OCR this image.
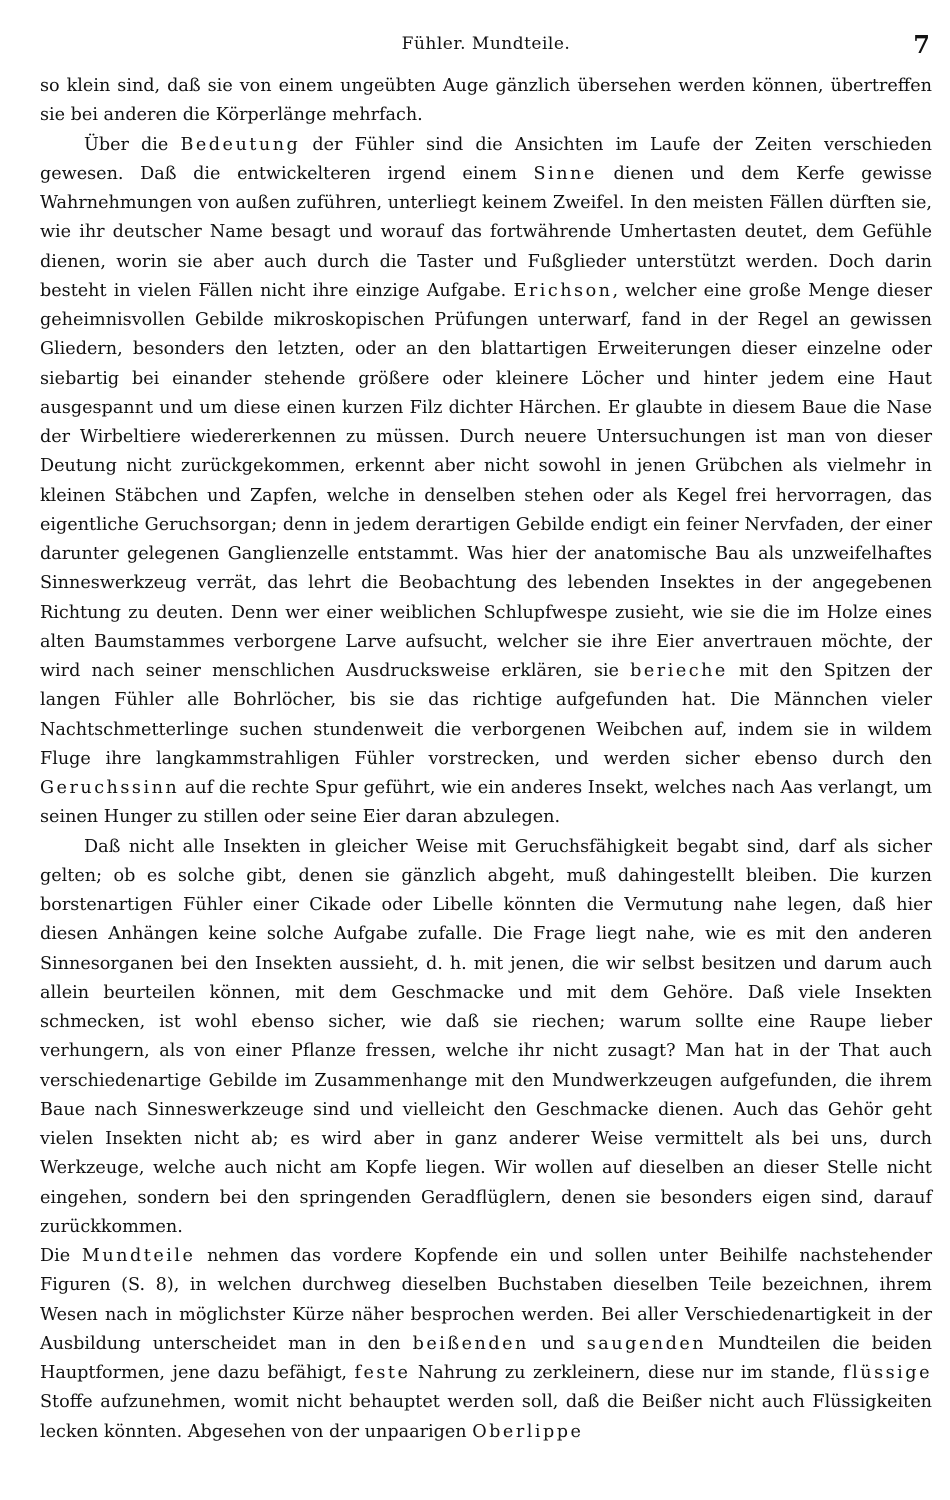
Fühler. Mundteile.	7

so klein sind, daß sie von einem ungeübten Auge gänzlich übersehen werden können, übertreffen sie bei anderen die Körperlänge mehrfach.

Über die Bedeutung der Fühler sind die Ansichten im Laufe der Zeiten verschieden gewesen. Daß die entwickelteren irgend einem Sinne dienen und dem Kerfe gewisse Wahrnehmungen von außen zuführen, unterliegt keinem Zweifel. In den meisten Fällen dürften sie, wie ihr deutscher Name besagt und worauf das fortwährende Umhertasten deutet, dem Gefühle dienen, worin sie aber auch durch die Taster und Fußglieder unterstützt werden. Doch darin besteht in vielen Fällen nicht ihre einzige Aufgabe. Erichson, welcher eine große Menge dieser geheimnisvollen Gebilde mikroskopischen Prüfungen unterwarf, fand in der Regel an gewissen Gliedern, besonders den letzten, oder an den blattartigen Erweiterungen dieser einzelne oder siebartig bei einander stehende größere oder kleinere Löcher und hinter jedem eine Haut ausgespannt und um diese einen kurzen Filz dichter Härchen. Er glaubte in diesem Baue die Nase der Wirbeltiere wiedererkennen zu müssen. Durch neuere Untersuchungen ist man von dieser Deutung nicht zurückgekommen, erkennt aber nicht sowohl in jenen Grübchen als vielmehr in kleinen Stäbchen und Zapfen, welche in denselben stehen oder als Kegel frei hervorragen, das eigentliche Geruchsorgan; denn in jedem derartigen Gebilde endigt ein feiner Nervfaden, der einer darunter gelegenen Ganglienzelle entstammt. Was hier der anatomische Bau als unzweifelhaftes Sinneswerkzeug verrät, das lehrt die Beobachtung des lebenden Insektes in der angegebenen Richtung zu deuten. Denn wer einer weiblichen Schlupfwespe zusieht, wie sie die im Holze eines alten Baumstammes verborgene Larve aufsucht, welcher sie ihre Eier anvertrauen möchte, der wird nach seiner menschlichen Ausdrucksweise erklären, sie berieche mit den Spitzen der langen Fühler alle Bohrlöcher, bis sie das richtige aufgefunden hat. Die Männchen vieler Nachtschmetterlinge suchen stundenweit die verborgenen Weibchen auf, indem sie in wildem Fluge ihre langkammstrahligen Fühler vorstrecken, und werden sicher ebenso durch den Geruchssinn auf die rechte Spur geführt, wie ein anderes Insekt, welches nach Aas verlangt, um seinen Hunger zu stillen oder seine Eier daran abzulegen.

Daß nicht alle Insekten in gleicher Weise mit Geruchsfähigkeit begabt sind, darf als sicher gelten; ob es solche gibt, denen sie gänzlich abgeht, muß dahingestellt bleiben. Die kurzen borstenartigen Fühler einer Cikade oder Libelle könnten die Vermutung nahe legen, daß hier diesen Anhängen keine solche Aufgabe zufalle. Die Frage liegt nahe, wie es mit den anderen Sinnesorganen bei den Insekten aussieht, d. h. mit jenen, die wir selbst besitzen und darum auch allein beurteilen können, mit dem Geschmacke und mit dem Gehöre. Daß viele Insekten schmecken, ist wohl ebenso sicher, wie daß sie riechen; warum sollte eine Raupe lieber verhungern, als von einer Pflanze fressen, welche ihr nicht zusagt? Man hat in der That auch verschiedenartige Gebilde im Zusammenhange mit den Mundwerkzeugen aufgefunden, die ihrem Baue nach Sinneswerkzeuge sind und vielleicht den Geschmacke dienen. Auch das Gehör geht vielen Insekten nicht ab; es wird aber in ganz anderer Weise vermittelt als bei uns, durch Werkzeuge, welche auch nicht am Kopfe liegen. Wir wollen auf dieselben an dieser Stelle nicht eingehen, sondern bei den springenden Geradflüglern, denen sie besonders eigen sind, darauf zurückkommen.

Die Mundteile nehmen das vordere Kopfende ein und sollen unter Beihilfe nachstehender Figuren (S. 8), in welchen durchweg dieselben Buchstaben dieselben Teile bezeichnen, ihrem Wesen nach in möglichster Kürze näher besprochen werden. Bei aller Verschiedenartigkeit in der Ausbildung unterscheidet man in den beißenden und saugenden Mundteilen die beiden Hauptformen, jene dazu befähigt, feste Nahrung zu zerkleinern, diese nur im stande, flüssige Stoffe aufzunehmen, womit nicht behauptet werden soll, daß die Beißer nicht auch Flüssigkeiten lecken könnten. Abgesehen von der unpaarigen Oberlippe
